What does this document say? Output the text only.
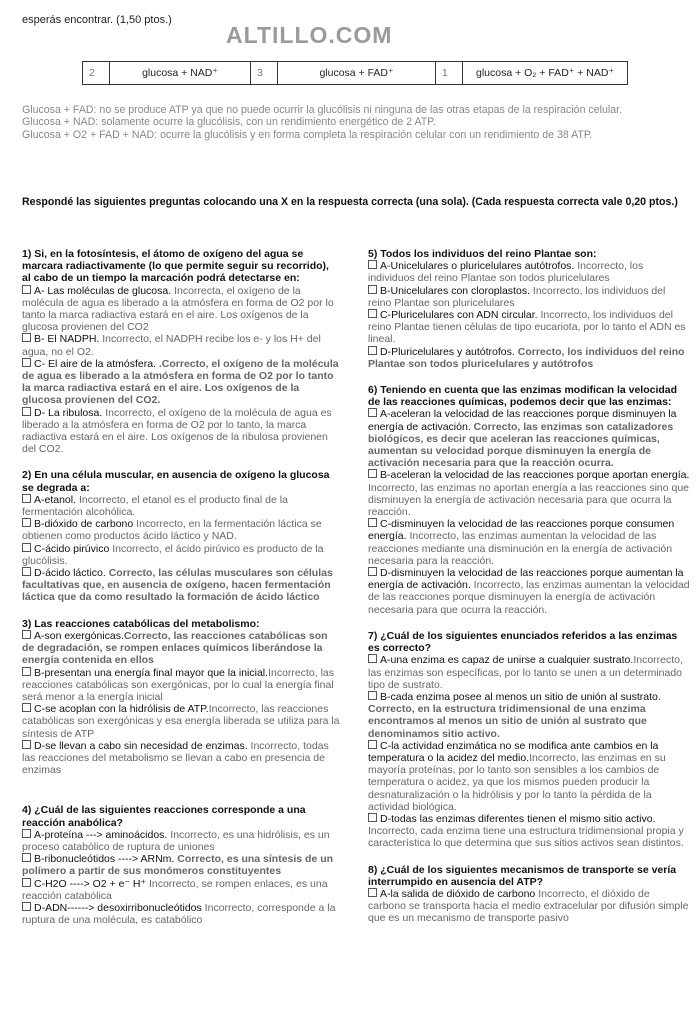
esperás encontrar. (1,50 ptos.)
ALTILLO.COM
2	glucosa + NAD⁺	3	glucosa + FAD⁺	1	glucosa + O₂ + FAD⁺ + NAD⁺

Glucosa + FAD: no se produce ATP ya que no puede ocurrir la glucólisis ni ninguna de las otras etapas de la respiración celular.

Glucosa + NAD: solamente ocurre la glucólisis, con un rendimiento energético de 2 ATP.

Glucosa + O2 + FAD + NAD: ocurre la glucólisis y en forma completa la respiración celular con un rendimiento de 38 ATP.

Respondé las siguientes preguntas colocando una X en la respuesta correcta (una sola). (Cada respuesta correcta vale 0,20 ptos.)

1) Si, en la fotosíntesis, el átomo de oxígeno del agua se marcara radiactivamente (lo que permite seguir su recorrido), al cabo de un tiempo la marcación podrá detectarse en:

A- Las moléculas de glucosa. Incorrecta, el oxígeno de la molécula de agua es liberado a la atmósfera en forma de O2 por lo tanto la marca radiactiva estará en el aire. Los oxígenos de la glucosa provienen del CO2

B- El NADPH. Incorrecto, el NADPH recibe los e- y los H+ del agua, no el O2.

C- El aire de la atmósfera. .Correcto, el oxígeno de la molécula de agua es liberado a la atmósfera en forma de O2 por lo tanto la marca radiactiva estará en el aire. Los oxígenos de la glucosa provienen del CO2.

D- La ribulosa. Incorrecto, el oxígeno de la molécula de agua es liberado a la atmósfera en forma de O2 por lo tanto, la marca radiactiva estará en el aire. Los oxígenos de la ribulosa provienen del CO2.

2) En una célula muscular, en ausencia de oxígeno la glucosa se degrada a:

A-etanol. Incorrecto, el etanol es el producto final de la fermentación alcohólica.

B-dióxido de carbono Incorrecto, en la fermentación láctica se obtienen como productos ácido láctico y NAD.

C-ácido pirúvico Incorrecto, el ácido pirúvico es producto de la glucólisis.

D-ácido láctico. Correcto, las células musculares son células facultativas que, en ausencia de oxígeno, hacen fermentación láctica que da como resultado la formación de ácido láctico

3) Las reacciones catabólicas del metabolismo:

A-son exergónicas.Correcto, las reacciones catabólicas son de degradación, se rompen enlaces químicos liberándose la energía contenida en ellos

B-presentan una energía final mayor que la inicial.Incorrecto, las reacciones catabólicas son exergónicas, por lo cual la energía final será menor a la energía inicial

C-se acoplan con la hidrólisis de ATP.Incorrecto, las reacciones catabólicas son exergónicas y esa energía liberada se utiliza para la síntesis de ATP

D-se llevan a cabo sin necesidad de enzimas. Incorrecto, todas las reacciones del metabolismo se llevan a cabo en presencia de enzimas

4) ¿Cuál de las siguientes reacciones corresponde a una reacción anabólica?

A-proteína ---> aminoácidos. Incorrecto, es una hidrólisis, es un proceso catabólico de ruptura de uniones

B-ribonucleótidos ----> ARNm. Correcto, es una síntesis de un polímero a partir de sus monómeros constituyentes

C-H2O ----> O2 + e⁻ H⁺ Incorrecto, se rompen enlaces, es una reacción catabólica

D-ADN------> desoxirribonucleótidos Incorrecto, corresponde a la ruptura de una molécula, es catabólico

5) Todos los individuos del reino Plantae son:

A-Unicelulares o pluricelulares autótrofos. Incorrecto, los individuos del reino Plantae son todos pluricelulares

B-Unicelulares con cloroplastos. Incorrecto, los individuos del reino Plantae son pluricelulares

C-Pluricelulares con ADN circular. Incorrecto, los individuos del reino Plantae tienen células de tipo eucariota, por lo tanto el ADN es lineal.

D-Pluricelulares y autótrofos. Correcto, los individuos del reino Plantae son todos pluricelulares y autótrofos

6) Teniendo en cuenta que las enzimas modifican la velocidad de las reacciones químicas, podemos decir que las enzimas:

A-aceleran la velocidad de las reacciones porque disminuyen la energía de activación. Correcto, las enzimas son catalizadores biológicos, es decir que aceleran las reacciones químicas, aumentan su velocidad porque disminuyen la energía de activación necesaria para que la reacción ocurra.

B-aceleran la velocidad de las reacciones porque aportan energía. Incorrecto, las enzimas no aportan energía a las reacciones sino que disminuyen la energía de activación necesaria para que ocurra la reacción.

C-disminuyen la velocidad de las reacciones porque consumen energía. Incorrecto, las enzimas aumentan la velocidad de las reacciones mediante una disminución en la energía de activación necesaria para la reacción.

D-disminuyen la velocidad de las reacciones porque aumentan la energía de activación. Incorrecto, las enzimas aumentan la velocidad de las reacciones porque disminuyen la energía de activación necesaria para que ocurra la reacción.

7) ¿Cuál de los siguientes enunciados referidos a las enzimas es correcto?

A-una enzima es capaz de unirse a cualquier sustrato.Incorrecto, las enzimas son específicas, por lo tanto se unen a un determinado tipo de sustrato.

B-cada enzima posee al menos un sitio de unión al sustrato. Correcto, en la estructura tridimensional de una enzima encontramos al menos un sitio de unión al sustrato que denominamos sitio activo.

C-la actividad enzimática no se modifica ante cambios en la temperatura o la acidez del medio.Incorrecto, las enzimas en su mayoría proteínas, por lo tanto son sensibles a los cambios de temperatura o acidez, ya que los mismos pueden producir la desnaturalización o la hidrólisis y por lo tanto la pérdida de la actividad biológica.

D-todas las enzimas diferentes tienen el mismo sitio activo. Incorrecto, cada enzima tiene una estructura tridimensional propia y característica lo que determina que sus sitios activos sean distintos.

8) ¿Cuál de los siguientes mecanismos de transporte se vería interrumpido en ausencia del ATP?

A-la salida de dióxido de carbono Incorrecto, el dióxido de carbono se transporta hacia el medio extracelular por difusión simple que es un mecanismo de transporte pasivo
